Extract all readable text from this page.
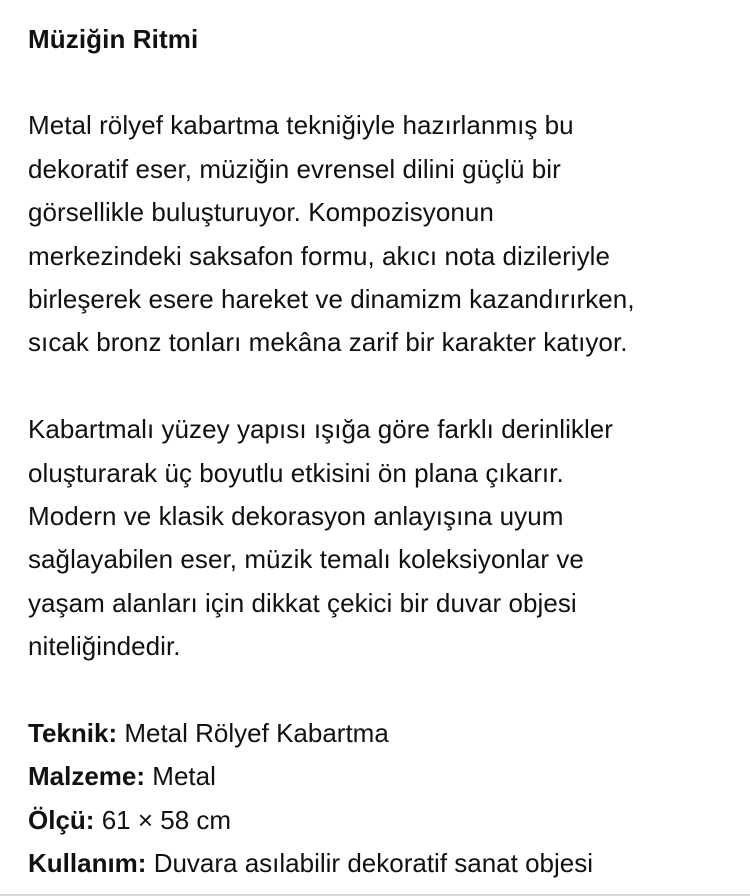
Müziğin Ritmi

Metal rölyef kabartma tekniğiyle hazırlanmış bu
dekoratif eser, müziğin evrensel dilini güçlü bir
görsellikle buluşturuyor. Kompozisyonun
merkezindeki saksafon formu, akıcı nota dizileriyle
birleşerek esere hareket ve dinamizm kazandırırken,
sıcak bronz tonları mekâna zarif bir karakter katıyor.

Kabartmalı yüzey yapısı ışığa göre farklı derinlikler
oluşturarak üç boyutlu etkisini ön plana çıkarır.
Modern ve klasik dekorasyon anlayışına uyum
sağlayabilen eser, müzik temalı koleksiyonlar ve
yaşam alanları için dikkat çekici bir duvar objesi
niteliğindedir.

Teknik: Metal Rölyef Kabartma

Malzeme: Metal

Ölçü: 61 × 58 cm

Kullanım: Duvara asılabilir dekoratif sanat objesi
